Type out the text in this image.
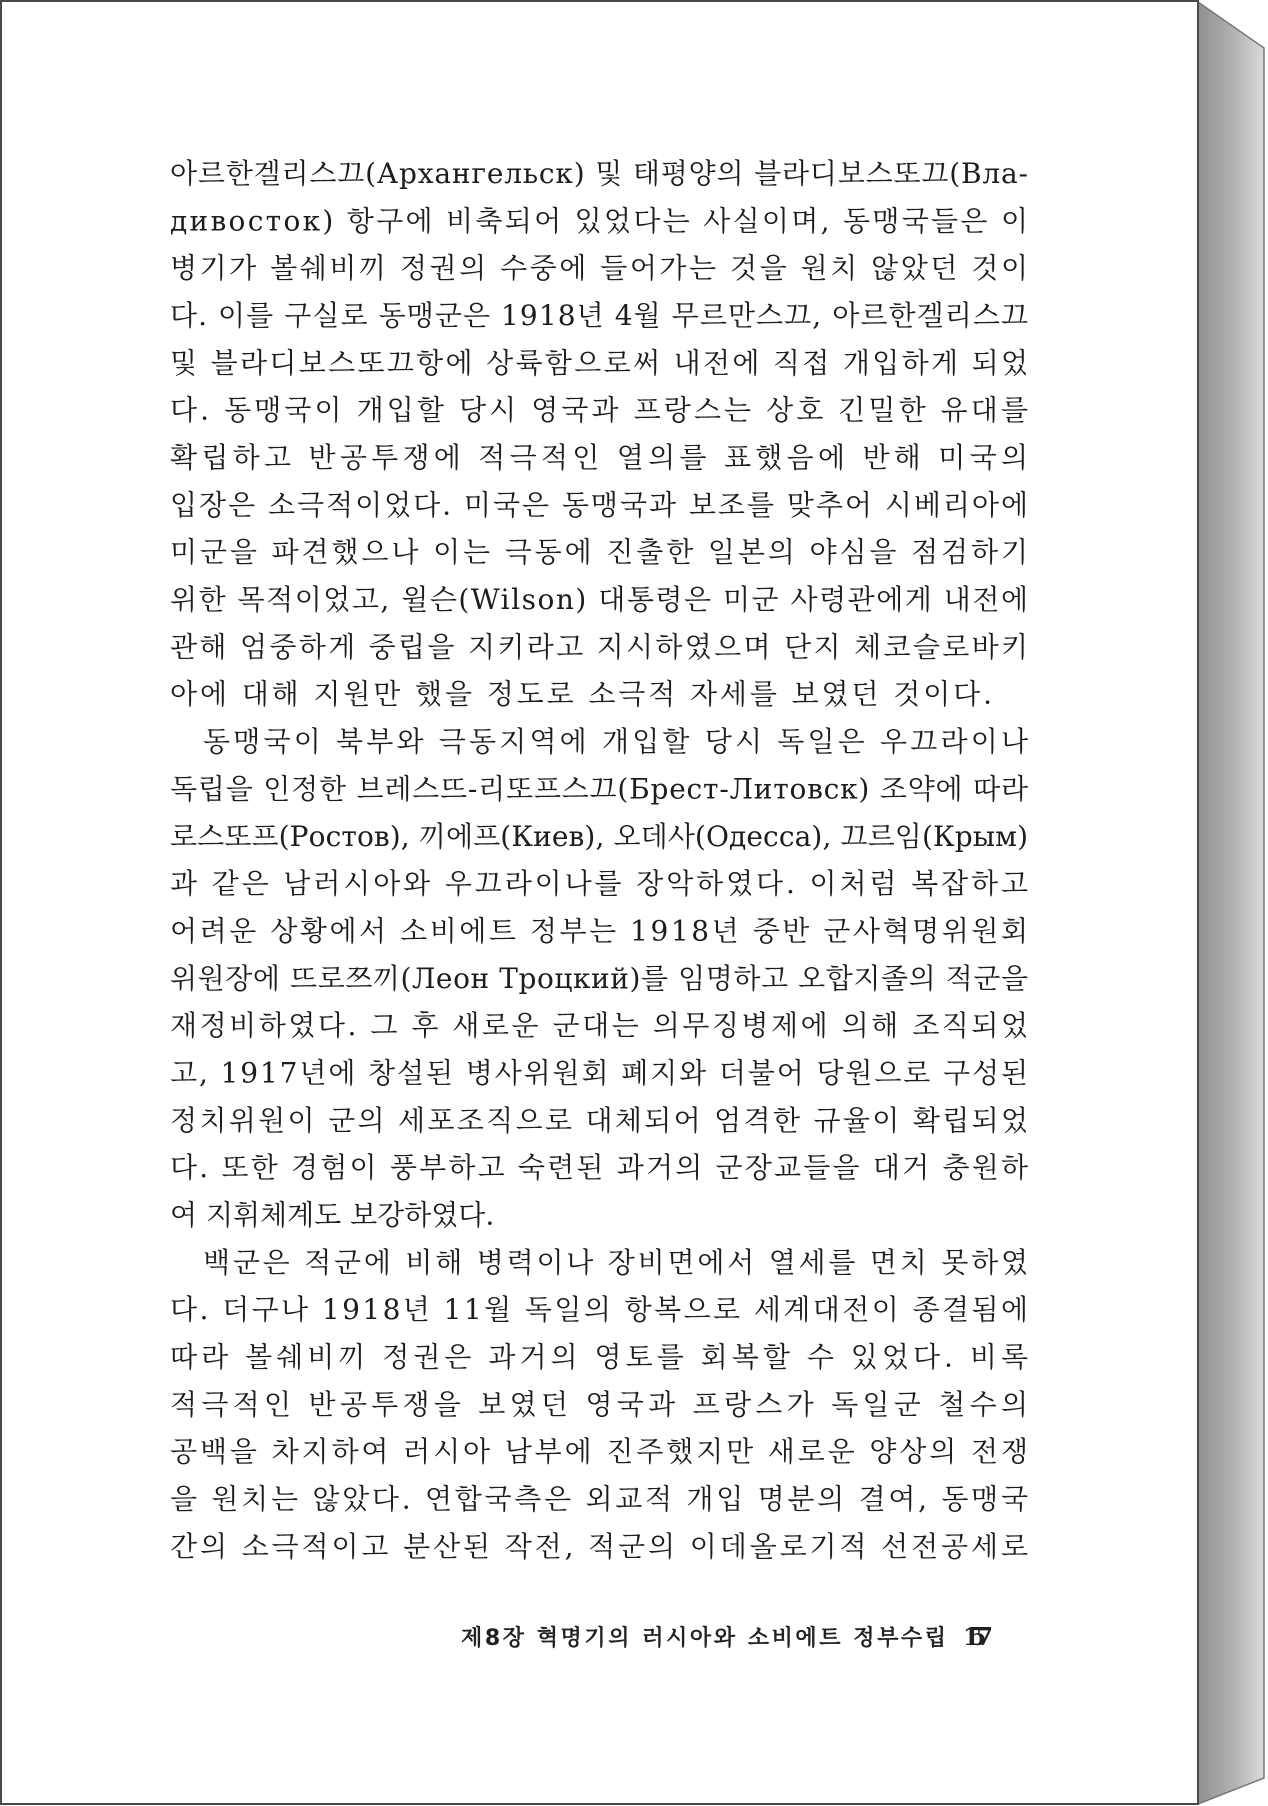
아르한겔리스끄(Архангельск) 및 태평양의 블라디보스또끄(Вла-
дивосток) 항구에 비축되어 있었다는 사실이며, 동맹국들은 이
병기가 볼쉐비끼 정권의 수중에 들어가는 것을 원치 않았던 것이
다. 이를 구실로 동맹군은 1918년 4월 무르만스끄, 아르한겔리스끄
및 블라디보스또끄항에 상륙함으로써 내전에 직접 개입하게 되었
다. 동맹국이 개입할 당시 영국과 프랑스는 상호 긴밀한 유대를
확립하고 반공투쟁에 적극적인 열의를 표했음에 반해 미국의
입장은 소극적이었다. 미국은 동맹국과 보조를 맞추어 시베리아에
미군을 파견했으나 이는 극동에 진출한 일본의 야심을 점검하기
위한 목적이었고, 윌슨(Wilson) 대통령은 미군 사령관에게 내전에
관해 엄중하게 중립을 지키라고 지시하였으며 단지 체코슬로바키
아에 대해 지원만 했을 정도로 소극적 자세를 보였던 것이다.
동맹국이 북부와 극동지역에 개입할 당시 독일은 우끄라이나
독립을 인정한 브레스뜨-리또프스끄(Брест-Литовск) 조약에 따라
로스또프(Ростов), 끼에프(Киев), 오데사(Одесса), 끄르임(Крым)
과 같은 남러시아와 우끄라이나를 장악하였다. 이처럼 복잡하고
어려운 상황에서 소비에트 정부는 1918년 중반 군사혁명위원회
위원장에 뜨로쯔끼(Леон Троцкий)를 임명하고 오합지졸의 적군을
재정비하였다. 그 후 새로운 군대는 의무징병제에 의해 조직되었
고, 1917년에 창설된 병사위원회 폐지와 더불어 당원으로 구성된
정치위원이 군의 세포조직으로 대체되어 엄격한 규율이 확립되었
다. 또한 경험이 풍부하고 숙련된 과거의 군장교들을 대거 충원하
여 지휘체계도 보강하였다.
백군은 적군에 비해 병력이나 장비면에서 열세를 면치 못하였
다. 더구나 1918년 11월 독일의 항복으로 세계대전이 종결됨에
따라 볼쉐비끼 정권은 과거의 영토를 회복할 수 있었다. 비록
적극적인 반공투쟁을 보였던 영국과 프랑스가 독일군 철수의
공백을 차지하여 러시아 남부에 진주했지만 새로운 양상의 전쟁
을 원치는 않았다. 연합국측은 외교적 개입 명분의 결여, 동맹국
간의 소극적이고 분산된 작전, 적군의 이데올로기적 선전공세로
제8장 혁명기의 러시아와 소비에트 정부수립 157
